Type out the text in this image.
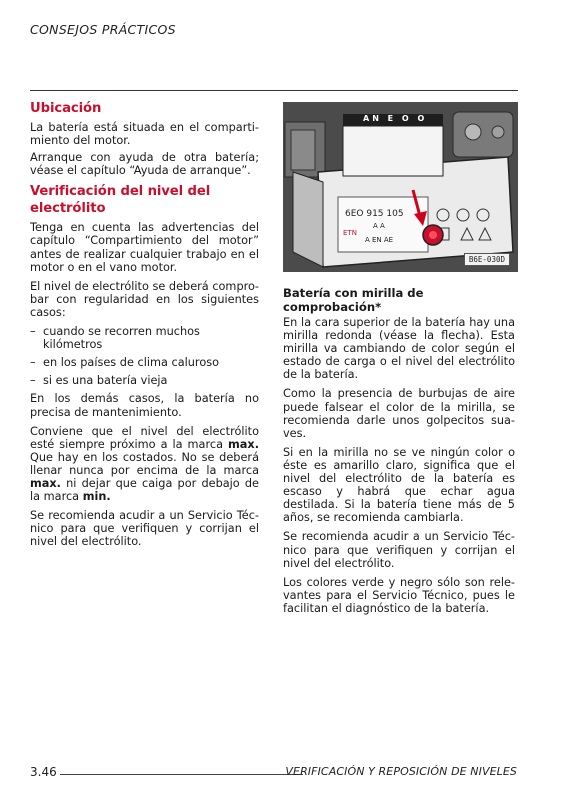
CONSEJOS PRÁCTICOS
Ubicación

La batería está situada en el compartimiento del motor.

Arranque con ayuda de otra batería; véase el capítulo “Ayuda de arranque”.

Verificación del nivel del electrólito

Tenga en cuenta las advertencias del capítulo “Compartimiento del motor” antes de realizar cualquier trabajo en el motor o en el vano motor.

El nivel de electrólito se deberá comprobar con regularidad en los siguientes casos:

– cuando se recorren muchos kilómetros
– en los países de clima caluroso
– si es una batería vieja

En los demás casos, la batería no precisa de mantenimiento.

Conviene que el nivel del electrólito esté siempre próximo a la marca max. Que hay en los costados. No se deberá llenar nunca por encima de la marca max. ni dejar que caiga por debajo de la marca min.

Se recomienda acudir a un Servicio Técnico para que verifiquen y corrijan el nivel del electrólito.

AN E O O
6EO 915 105
A A
ETN
A EN AE
B6E-030D
Batería con mirilla de comprobación*

En la cara superior de la batería hay una mirilla redonda (véase la flecha). Esta mirilla va cambiando de color según el estado de carga o el nivel del electrólito de la batería.

Como la presencia de burbujas de aire puede falsear el color de la mirilla, se recomienda darle unos golpecitos suaves.

Si en la mirilla no se ve ningún color o éste es amarillo claro, significa que el nivel del electrólito de la batería es escaso y habrá que echar agua destilada. Si la batería tiene más de 5 años, se recomienda cambiarla.

Se recomienda acudir a un Servicio Técnico para que verifiquen y corrijan el nivel del electrólito.

Los colores verde y negro sólo son relevantes para el Servicio Técnico, pues le facilitan el diagnóstico de la batería.

3.46	VERIFICACIÓN Y REPOSICIÓN DE NIVELES
